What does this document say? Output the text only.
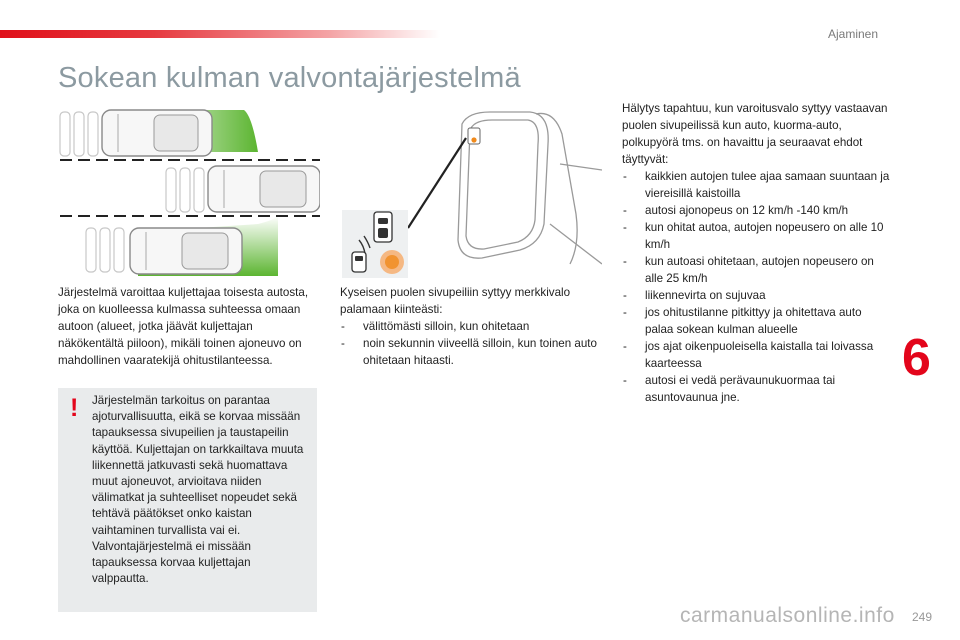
Ajaminen
Sokean kulman valvontajärjestelmä

Järjestelmä varoittaa kuljettajaa toisesta autosta, joka on kuolleessa kulmassa suhteessa omaan autoon (alueet, jotka jäävät kuljettajan näkökentältä piiloon), mikäli toinen ajoneuvo on mahdollinen vaaratekijä ohitustilanteessa.

! Järjestelmän tarkoitus on parantaa ajoturvallisuutta, eikä se korvaa missään tapauksessa sivupeilien ja taustapeilin käyttöä. Kuljettajan on tarkkailtava muuta liikennettä jatkuvasti sekä huomattava muut ajoneuvot, arvioitava niiden välimatkat ja suhteelliset nopeudet sekä tehtävä päätökset onko kaistan vaihtaminen turvallista vai ei.
Valvontajärjestelmä ei missään tapauksessa korvaa kuljettajan valppautta.

Kyseisen puolen sivupeiliin syttyy merkkivalo palamaan kiinteästi:

- välittömästi silloin, kun ohitetaan
- noin sekunnin viiveellä silloin, kun toinen auto ohitetaan hitaasti.

Hälytys tapahtuu, kun varoitusvalo syttyy vastaavan puolen sivupeilissä kun auto, kuorma-auto, polkupyörä tms. on havaittu ja seuraavat ehdot täyttyvät:

- kaikkien autojen tulee ajaa samaan suuntaan ja viereisillä kaistoilla
- autosi ajonopeus on 12 km/h -140 km/h
- kun ohitat autoa, autojen nopeusero on alle 10 km/h
- kun autoasi ohitetaan, autojen nopeusero on alle 25 km/h
- liikennevirta on sujuvaa
- jos ohitustilanne pitkittyy ja ohitettava auto palaa sokean kulman alueelle
- jos ajat oikenpuoleisella kaistalla tai loivassa kaarteessa
- autosi ei vedä perävaunukuormaa tai asuntovaunua jne.
6
carmanualsonline.info 249
